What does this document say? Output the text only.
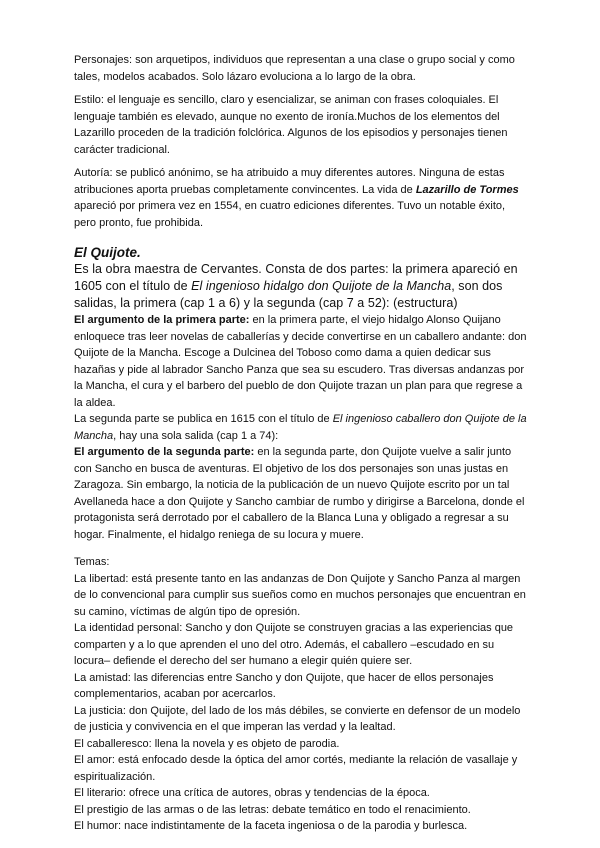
Personajes: son arquetipos, individuos que representan a una clase o grupo social y como tales, modelos acabados. Solo lázaro evoluciona a lo largo de la obra.

Estilo: el lenguaje es sencillo, claro y esencializar, se animan con frases coloquiales. El lenguaje también es elevado, aunque no exento de ironía.Muchos de los elementos del Lazarillo proceden de la tradición folclórica. Algunos de los episodios y personajes tienen carácter tradicional.

Autoría: se publicó anónimo, se ha atribuido a muy diferentes autores. Ninguna de estas atribuciones aporta pruebas completamente convincentes. La vida de Lazarillo de Tormes apareció por primera vez en 1554, en cuatro ediciones diferentes. Tuvo un notable éxito, pero pronto, fue prohibida.

El Quijote.

Es la obra maestra de Cervantes. Consta de dos partes: la primera apareció en 1605 con el título de El ingenioso hidalgo don Quijote de la Mancha, son dos salidas, la primera (cap 1 a 6) y la segunda (cap 7 a 52): (estructura)

El argumento de la primera parte: en la primera parte, el viejo hidalgo Alonso Quijano enloquece tras leer novelas de caballerías y decide convertirse en un caballero andante: don Quijote de la Mancha. Escoge a Dulcinea del Toboso como dama a quien dedicar sus hazañas y pide al labrador Sancho Panza que sea su escudero. Tras diversas andanzas por la Mancha, el cura y el barbero del pueblo de don Quijote trazan un plan para que regrese a la aldea.

La segunda parte se publica en 1615 con el título de El ingenioso caballero don Quijote de la Mancha, hay una sola salida (cap 1 a 74):

El argumento de la segunda parte: en la segunda parte, don Quijote vuelve a salir junto con Sancho en busca de aventuras. El objetivo de los dos personajes son unas justas en Zaragoza. Sin embargo, la noticia de la publicación de un nuevo Quijote escrito por un tal Avellaneda hace a don Quijote y Sancho cambiar de rumbo y dirigirse a Barcelona, donde el protagonista será derrotado por el caballero de la Blanca Luna y obligado a regresar a su hogar. Finalmente, el hidalgo reniega de su locura y muere.

Temas:

La libertad: está presente tanto en las andanzas de Don Quijote y Sancho Panza al margen de lo convencional para cumplir sus sueños como en muchos personajes que encuentran en su camino, víctimas de algún tipo de opresión.

La identidad personal: Sancho y don Quijote se construyen gracias a las experiencias que comparten y a lo que aprenden el uno del otro. Además, el caballero –escudado en su locura– defiende el derecho del ser humano a elegir quién quiere ser.

La amistad: las diferencias entre Sancho y don Quijote, que hacer de ellos personajes complementarios, acaban por acercarlos.

La justicia: don Quijote, del lado de los más débiles, se convierte en defensor de un modelo de justicia y convivencia en el que imperan las verdad y la lealtad.

El caballeresco: llena la novela y es objeto de parodia.

El amor: está enfocado desde la óptica del amor cortés, mediante la relación de vasallaje y espiritualización.

El literario: ofrece una crítica de autores, obras y tendencias de la época.

El prestigio de las armas o de las letras: debate temático en todo el renacimiento.

El humor: nace indistintamente de la faceta ingeniosa o de la parodia y burlesca.
